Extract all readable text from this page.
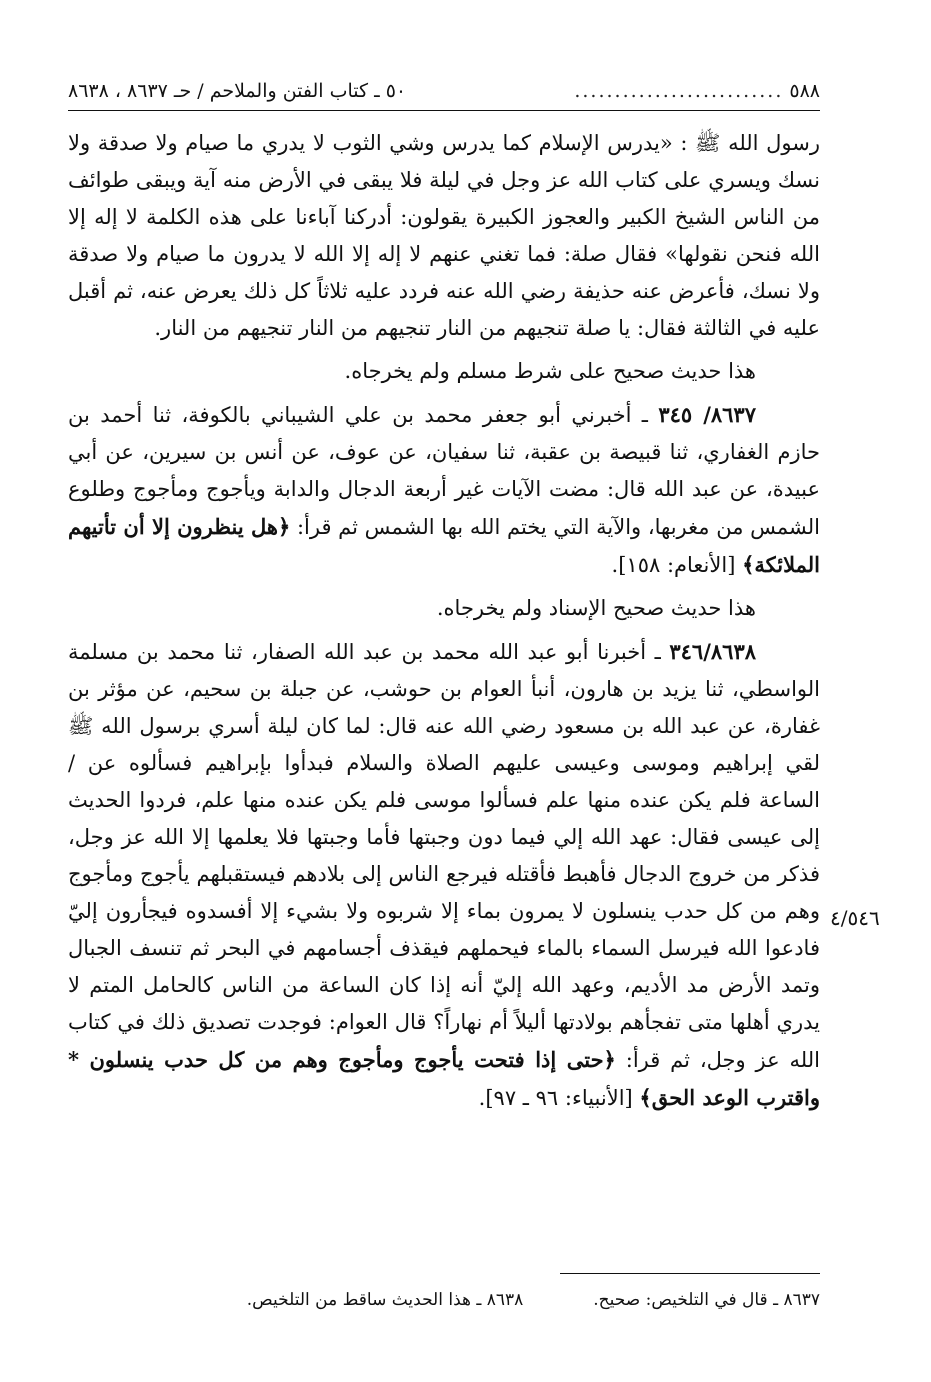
٥٨٨
..........................
٥٠ ـ كتاب الفتن والملاحم / حـ ٨٦٣٧ ، ٨٦٣٨

رسول الله ﷺ : «يدرس الإسلام كما يدرس وشي الثوب لا يدري ما صيام ولا صدقة ولا نسك ويسري على كتاب الله عز وجل في ليلة فلا يبقى في الأرض منه آية ويبقى طوائف من الناس الشيخ الكبير والعجوز الكبيرة يقولون: أدركنا آباءنا على هذه الكلمة لا إله إلا الله فنحن نقولها» فقال صلة: فما تغني عنهم لا إله إلا الله لا يدرون ما صيام ولا صدقة ولا نسك، فأعرض عنه حذيفة رضي الله عنه فردد عليه ثلاثاً كل ذلك يعرض عنه، ثم أقبل عليه في الثالثة فقال: يا صلة تنجيهم من النار تنجيهم من النار تنجيهم من النار.

هذا حديث صحيح على شرط مسلم ولم يخرجاه.

٨٦٣٧/ ٣٤٥ ـ أخبرني أبو جعفر محمد بن علي الشيباني بالكوفة، ثنا أحمد بن حازم الغفاري، ثنا قبيصة بن عقبة، ثنا سفيان، عن عوف، عن أنس بن سيرين، عن أبي عبيدة، عن عبد الله قال: مضت الآيات غير أربعة الدجال والدابة ويأجوج ومأجوج وطلوع الشمس من مغربها، والآية التي يختم الله بها الشمس ثم قرأ: ﴿هل ينظرون إلا أن تأتيهم الملائكة﴾ [الأنعام: ١٥٨].

هذا حديث صحيح الإسناد ولم يخرجاه.

٣٤٦/٨٦٣٨ ـ أخبرنا أبو عبد الله محمد بن عبد الله الصفار، ثنا محمد بن مسلمة الواسطي، ثنا يزيد بن هارون، أنبأ العوام بن حوشب، عن جبلة بن سحيم، عن مؤثر بن غفارة، عن عبد الله بن مسعود رضي الله عنه قال: لما كان ليلة أسري برسول الله ﷺ لقي إبراهيم وموسى وعيسى عليهم الصلاة والسلام فبدأوا بإبراهيم فسألوه عن / الساعة فلم يكن عنده منها علم فسألوا موسى فلم يكن عنده منها علم، فردوا الحديث إلى عيسى فقال: عهد الله إلي فيما دون وجبتها فأما وجبتها فلا يعلمها إلا الله عز وجل، فذكر من خروج الدجال فأهبط فأقتله فيرجع الناس إلى بلادهم فيستقبلهم يأجوج ومأجوج وهم من كل حدب ينسلون لا يمرون بماء إلا شربوه ولا بشيء إلا أفسدوه فيجأرون إليّ فادعوا الله فيرسل السماء بالماء فيحملهم فيقذف أجسامهم في البحر ثم تنسف الجبال وتمد الأرض مد الأديم، وعهد الله إليّ أنه إذا كان الساعة من الناس كالحامل المتم لا يدري أهلها متى تفجأهم بولادتها أليلاً أم نهاراً؟ قال العوام: فوجدت تصديق ذلك في كتاب الله عز وجل، ثم قرأ: ﴿حتى إذا فتحت يأجوج ومأجوج وهم من كل حدب ينسلون * واقترب الوعد الحق﴾ [الأنبياء: ٩٦ ـ ٩٧].

٤/٥٤٦
٨٦٣٧ ـ قال في التلخيص: صحيح.
٨٦٣٨ ـ هذا الحديث ساقط من التلخيص.
